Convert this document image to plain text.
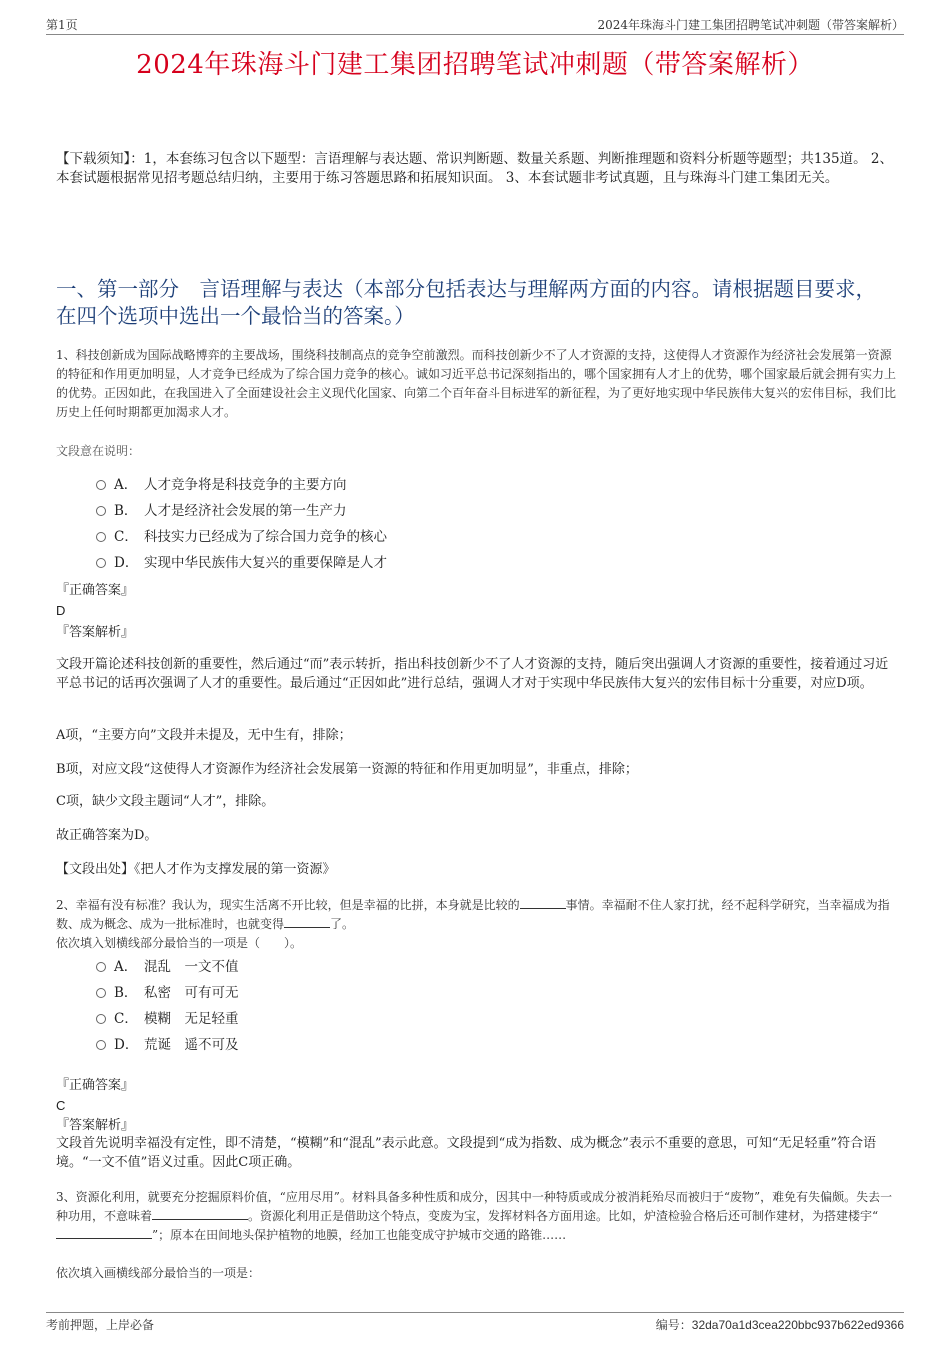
第1页	2024年珠海斗门建工集团招聘笔试冲刺题（带答案解析）
2024年珠海斗门建工集团招聘笔试冲刺题（带答案解析）

【下载须知】：1，本套练习包含以下题型：言语理解与表达题、常识判断题、数量关系题、判断推理题和资料分析题等题型；共135道。 2、本套试题根据常见招考题总结归纳，主要用于练习答题思路和拓展知识面。 3、本套试题非考试真题，且与珠海斗门建工集团无关。

一、第一部分　言语理解与表达（本部分包括表达与理解两方面的内容。请根据题目要求，在四个选项中选出一个最恰当的答案。）

1、科技创新成为国际战略博弈的主要战场，围绕科技制高点的竞争空前激烈。而科技创新少不了人才资源的支持，这使得人才资源作为经济社会发展第一资源的特征和作用更加明显，人才竞争已经成为了综合国力竞争的核心。诚如习近平总书记深刻指出的，哪个国家拥有人才上的优势，哪个国家最后就会拥有实力上的优势。正因如此，在我国进入了全面建设社会主义现代化国家、向第二个百年奋斗目标进军的新征程，为了更好地实现中华民族伟大复兴的宏伟目标，我们比历史上任何时期都更加渴求人才。

文段意在说明：

A． 人才竞争将是科技竞争的主要方向
B． 人才是经济社会发展的第一生产力
C． 科技实力已经成为了综合国力竞争的核心
D． 实现中华民族伟大复兴的重要保障是人才

『正确答案』

D

『答案解析』

文段开篇论述科技创新的重要性，然后通过“而”表示转折，指出科技创新少不了人才资源的支持，随后突出强调人才资源的重要性，接着通过习近平总书记的话再次强调了人才的重要性。最后通过“正因如此”进行总结，强调人才对于实现中华民族伟大复兴的宏伟目标十分重要，对应D项。

A项，“主要方向”文段并未提及，无中生有，排除；

B项，对应文段“这使得人才资源作为经济社会发展第一资源的特征和作用更加明显”，非重点，排除；

C项，缺少文段主题词“人才”，排除。

故正确答案为D。

【文段出处】《把人才作为支撑发展的第一资源》

2、幸福有没有标准？我认为，现实生活离不开比较，但是幸福的比拼，本身就是比较的	事情。幸福耐不住人家打扰，经不起科学研究，当幸福成为指数、成为概念、成为一批标准时，也就变得	了。

依次填入划横线部分最恰当的一项是（　　）。

A． 混乱　一文不值
B． 私密　可有可无
C． 模糊　无足轻重
D． 荒诞　遥不可及

『正确答案』

C

『答案解析』

文段首先说明幸福没有定性，即不清楚，“模糊”和“混乱”表示此意。文段提到“成为指数、成为概念”表示不重要的意思，可知“无足轻重”符合语境。“一文不值”语义过重。因此C项正确。

3、资源化利用，就要充分挖掘原料价值，“应用尽用”。材料具备多种性质和成分，因其中一种特质或成分被消耗殆尽而被归于“废物”，难免有失偏颇。失去一种功用，不意味着	。资源化利用正是借助这个特点，变废为宝，发挥材料各方面用途。比如，炉渣检验合格后还可制作建材，为搭建楼宇“”；原本在田间地头保护植物的地膜，经加工也能变成守护城市交通的路锥……

依次填入画横线部分最恰当的一项是：

考前押题，上岸必备	编号：32da70a1d3cea220bbc937b622ed9366
